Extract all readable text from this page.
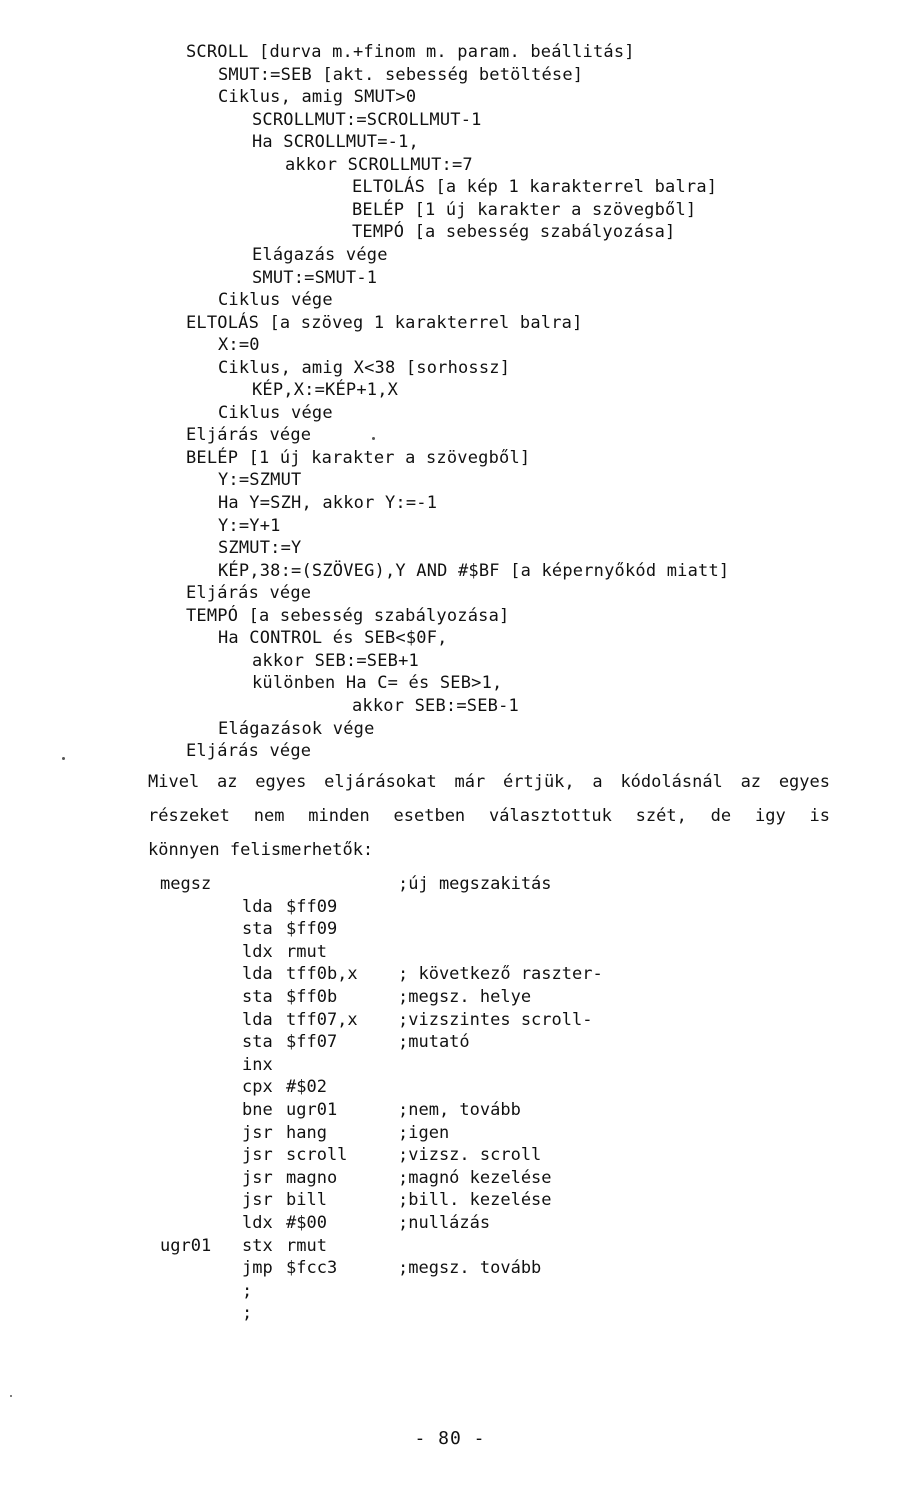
SCROLL [durva m.+finom m. param. beállitás]
SMUT:=SEB [akt. sebesség betöltése]
Ciklus, amig SMUT>0
SCROLLMUT:=SCROLLMUT-1
Ha SCROLLMUT=-1,
akkor SCROLLMUT:=7
ELTOLÁS [a kép 1 karakterrel balra]
BELÉP [1 új karakter a szövegből]
TEMPÓ [a sebesség szabályozása]
Elágazás vége
SMUT:=SMUT-1
Ciklus vége
ELTOLÁS [a szöveg 1 karakterrel balra]
X:=0
Ciklus, amig X<38 [sorhossz]
KÉP,X:=KÉP+1,X
Ciklus vége
Eljárás vége
BELÉP [1 új karakter a szövegből]
Y:=SZMUT
Ha Y=SZH, akkor Y:=-1
Y:=Y+1
SZMUT:=Y
KÉP,38:=(SZÖVEG),Y AND #$BF [a képernyőkód miatt]
Eljárás vége
TEMPÓ [a sebesség szabályozása]
Ha CONTROL és SEB<$0F,
akkor SEB:=SEB+1
különben Ha C= és SEB>1,
akkor SEB:=SEB-1
Elágazások vége
Eljárás vége
Mivel az egyes eljárásokat már értjük, a kódolásnál az egyes
részeket nem minden esetben választottuk szét, de igy is
könnyen felismerhetők:
megsz	;új megszakitás
lda $ff09
sta $ff09
ldx rmut
lda tff0b,x ; következő raszter-
sta $ff0b	;megsz. helye
lda tff07,x ;vizszintes scroll-
sta $ff07	;mutató
inx
cpx #$02
bne ugr01	;nem, tovább
jsr hang	;igen
jsr scroll	;vizsz. scroll
jsr magno	;magnó kezelése
jsr bill	;bill. kezelése
ldx #$00	;nullázás
ugr01 stx rmut
jmp $fcc3	;megsz. tovább
;
;
- 80 -
